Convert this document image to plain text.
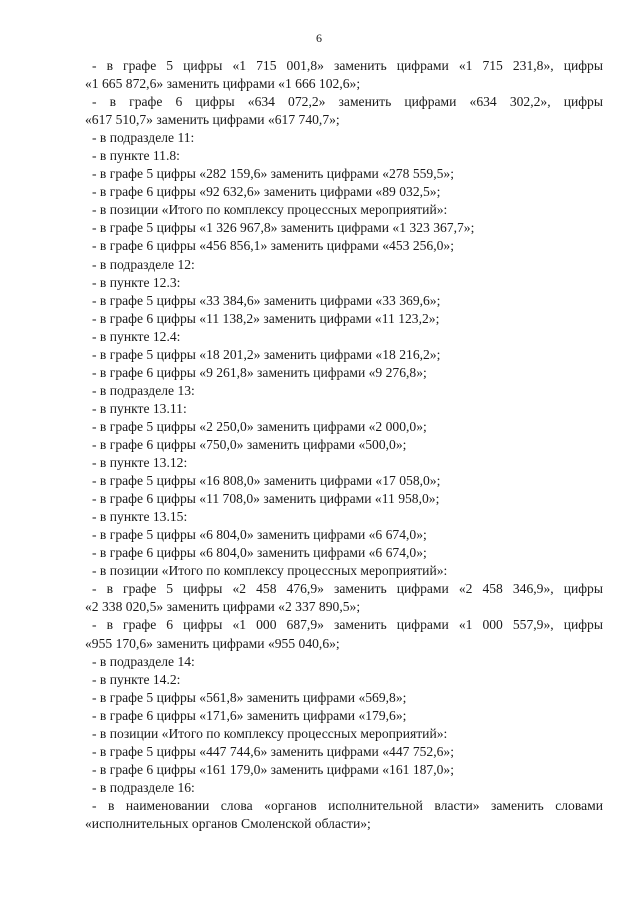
6
- в графе 5 цифры «1 715 001,8» заменить цифрами «1 715 231,8», цифры
«1 665 872,6» заменить цифрами «1 666 102,6»;
- в графе 6 цифры «634 072,2» заменить цифрами «634 302,2», цифры
«617 510,7» заменить цифрами «617 740,7»;
- в подразделе 11:
- в пункте 11.8:
- в графе 5 цифры «282 159,6» заменить цифрами «278 559,5»;
- в графе 6 цифры «92 632,6» заменить цифрами «89 032,5»;
- в позиции «Итого по комплексу процессных мероприятий»:
- в графе 5 цифры «1 326 967,8» заменить цифрами «1 323 367,7»;
- в графе 6 цифры «456 856,1» заменить цифрами «453 256,0»;
- в подразделе 12:
- в пункте 12.3:
- в графе 5 цифры «33 384,6» заменить цифрами «33 369,6»;
- в графе 6 цифры «11 138,2» заменить цифрами «11 123,2»;
- в пункте 12.4:
- в графе 5 цифры «18 201,2» заменить цифрами «18 216,2»;
- в графе 6 цифры «9 261,8» заменить цифрами «9 276,8»;
- в подразделе 13:
- в пункте 13.11:
- в графе 5 цифры «2 250,0» заменить цифрами «2 000,0»;
- в графе 6 цифры «750,0» заменить цифрами «500,0»;
- в пункте 13.12:
- в графе 5 цифры «16 808,0» заменить цифрами «17 058,0»;
- в графе 6 цифры «11 708,0» заменить цифрами «11 958,0»;
- в пункте 13.15:
- в графе 5 цифры «6 804,0» заменить цифрами «6 674,0»;
- в графе 6 цифры «6 804,0» заменить цифрами «6 674,0»;
- в позиции «Итого по комплексу процессных мероприятий»:
- в графе 5 цифры «2 458 476,9» заменить цифрами «2 458 346,9», цифры
«2 338 020,5» заменить цифрами «2 337 890,5»;
- в графе 6 цифры «1 000 687,9» заменить цифрами «1 000 557,9», цифры
«955 170,6» заменить цифрами «955 040,6»;
- в подразделе 14:
- в пункте 14.2:
- в графе 5 цифры «561,8» заменить цифрами «569,8»;
- в графе 6 цифры «171,6» заменить цифрами «179,6»;
- в позиции «Итого по комплексу процессных мероприятий»:
- в графе 5 цифры «447 744,6» заменить цифрами «447 752,6»;
- в графе 6 цифры «161 179,0» заменить цифрами «161 187,0»;
- в подразделе 16:
- в наименовании слова «органов исполнительной власти» заменить словами
«исполнительных органов Смоленской области»;
